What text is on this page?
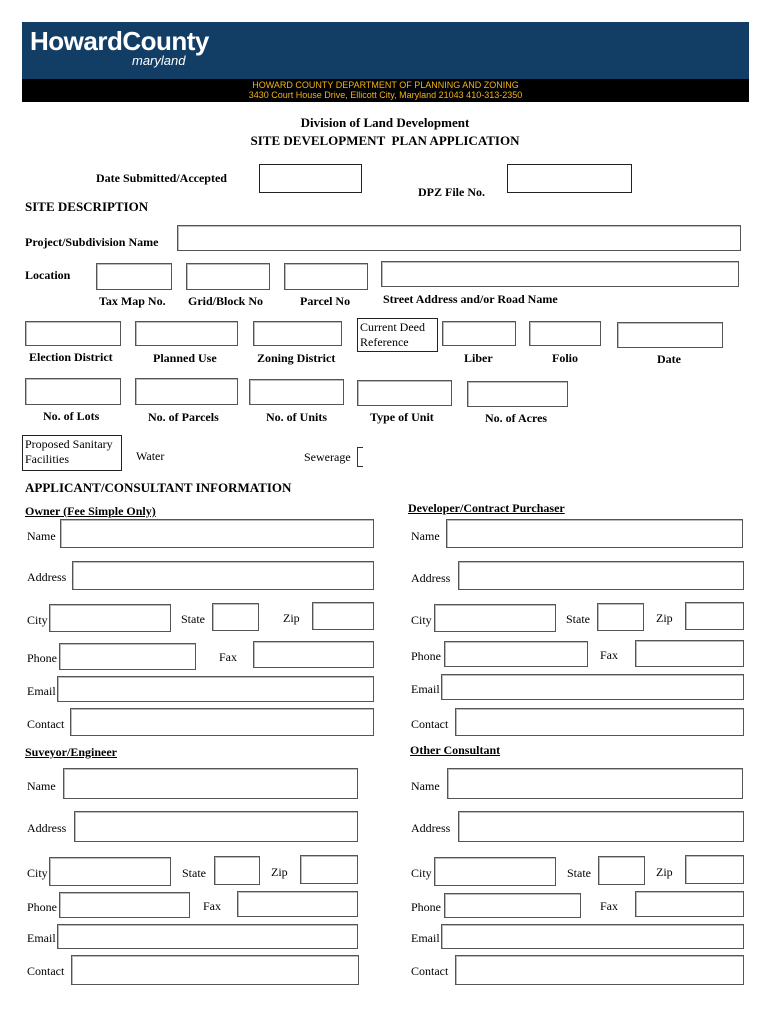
HowardCounty
maryland
HOWARD COUNTY DEPARTMENT OF PLANNING AND ZONING
3430 Court House Drive, Ellicott City, Maryland 21043 410-313-2350
Division of Land Development
SITE DEVELOPMENT  PLAN APPLICATION
Date Submitted/Accepted
DPZ File No.
SITE DESCRIPTION
Project/Subdivision Name
Location
Tax Map No. Grid/Block No	Parcel No	Street Address and/or Road Name
Current Deed Reference
Election District	Planned Use	Zoning District	Liber	Folio	Date
No. of Lots	No. of Parcels	No. of Units	Type of Unit	No. of Acres
Proposed Sanitary Facilities	Water	Sewerage
APPLICANT/CONSULTANT INFORMATION
Owner (Fee Simple Only)	Developer/Contract Purchaser
Name
Address
City	State	Zip
Phone	Fax
Email
Contact
Name
Address
City	State	Zip
Phone	Fax
Email
Contact
Suveyor/Engineer	Other Consultant
Name
Address
City	State	Zip
Phone	Fax
Email
Contact
Name
Address
City	State	Zip
Phone	Fax
Email
Contact
